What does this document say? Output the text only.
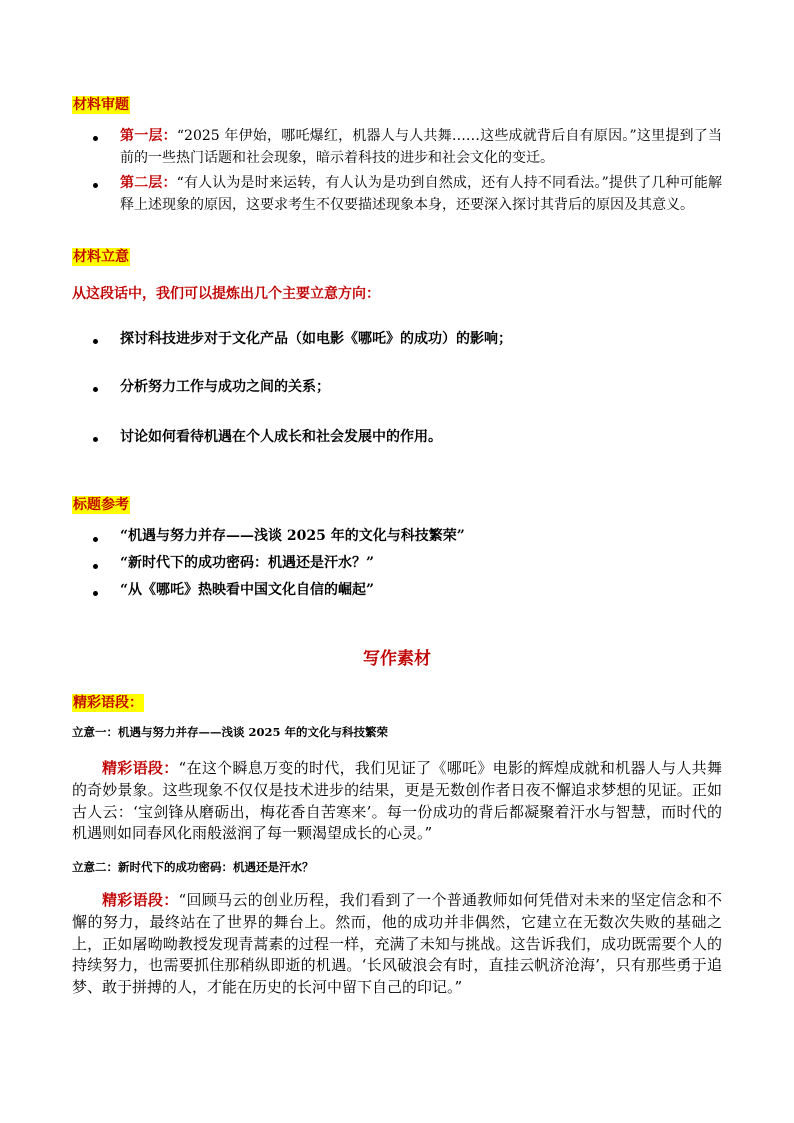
材料审题
第一层：“2025 年伊始，哪吒爆红，机器人与人共舞……这些成就背后自有原因。”这里提到了当前的一些热门话题和社会现象，暗示着科技的进步和社会文化的变迁。
第二层：“有人认为是时来运转，有人认为是功到自然成，还有人持不同看法。”提供了几种可能解释上述现象的原因，这要求考生不仅要描述现象本身，还要深入探讨其背后的原因及其意义。
材料立意
从这段话中，我们可以提炼出几个主要立意方向：
探讨科技进步对于文化产品（如电影《哪吒》的成功）的影响；
分析努力工作与成功之间的关系；
讨论如何看待机遇在个人成长和社会发展中的作用。
标题参考
“机遇与努力并存——浅谈 2025 年的文化与科技繁荣”
“新时代下的成功密码：机遇还是汗水？”
“从《哪吒》热映看中国文化自信的崛起”
写作素材
精彩语段：
立意一：机遇与努力并存——浅谈 2025 年的文化与科技繁荣
精彩语段：“在这个瞬息万变的时代，我们见证了《哪吒》电影的辉煌成就和机器人与人共舞的奇妙景象。这些现象不仅仅是技术进步的结果，更是无数创作者日夜不懈追求梦想的见证。正如古人云：‘宝剑锋从磨砺出，梅花香自苦寒来’。每一份成功的背后都凝聚着汗水与智慧，而时代的机遇则如同春风化雨般滋润了每一颗渴望成长的心灵。”
立意二：新时代下的成功密码：机遇还是汗水？
精彩语段：“回顾马云的创业历程，我们看到了一个普通教师如何凭借对未来的坚定信念和不懈的努力，最终站在了世界的舞台上。然而，他的成功并非偶然，它建立在无数次失败的基础之上，正如屠呦呦教授发现青蒿素的过程一样，充满了未知与挑战。这告诉我们，成功既需要个人的持续努力，也需要抓住那稍纵即逝的机遇。‘长风破浪会有时，直挂云帆济沧海’，只有那些勇于追梦、敢于拼搏的人，才能在历史的长河中留下自己的印记。”
